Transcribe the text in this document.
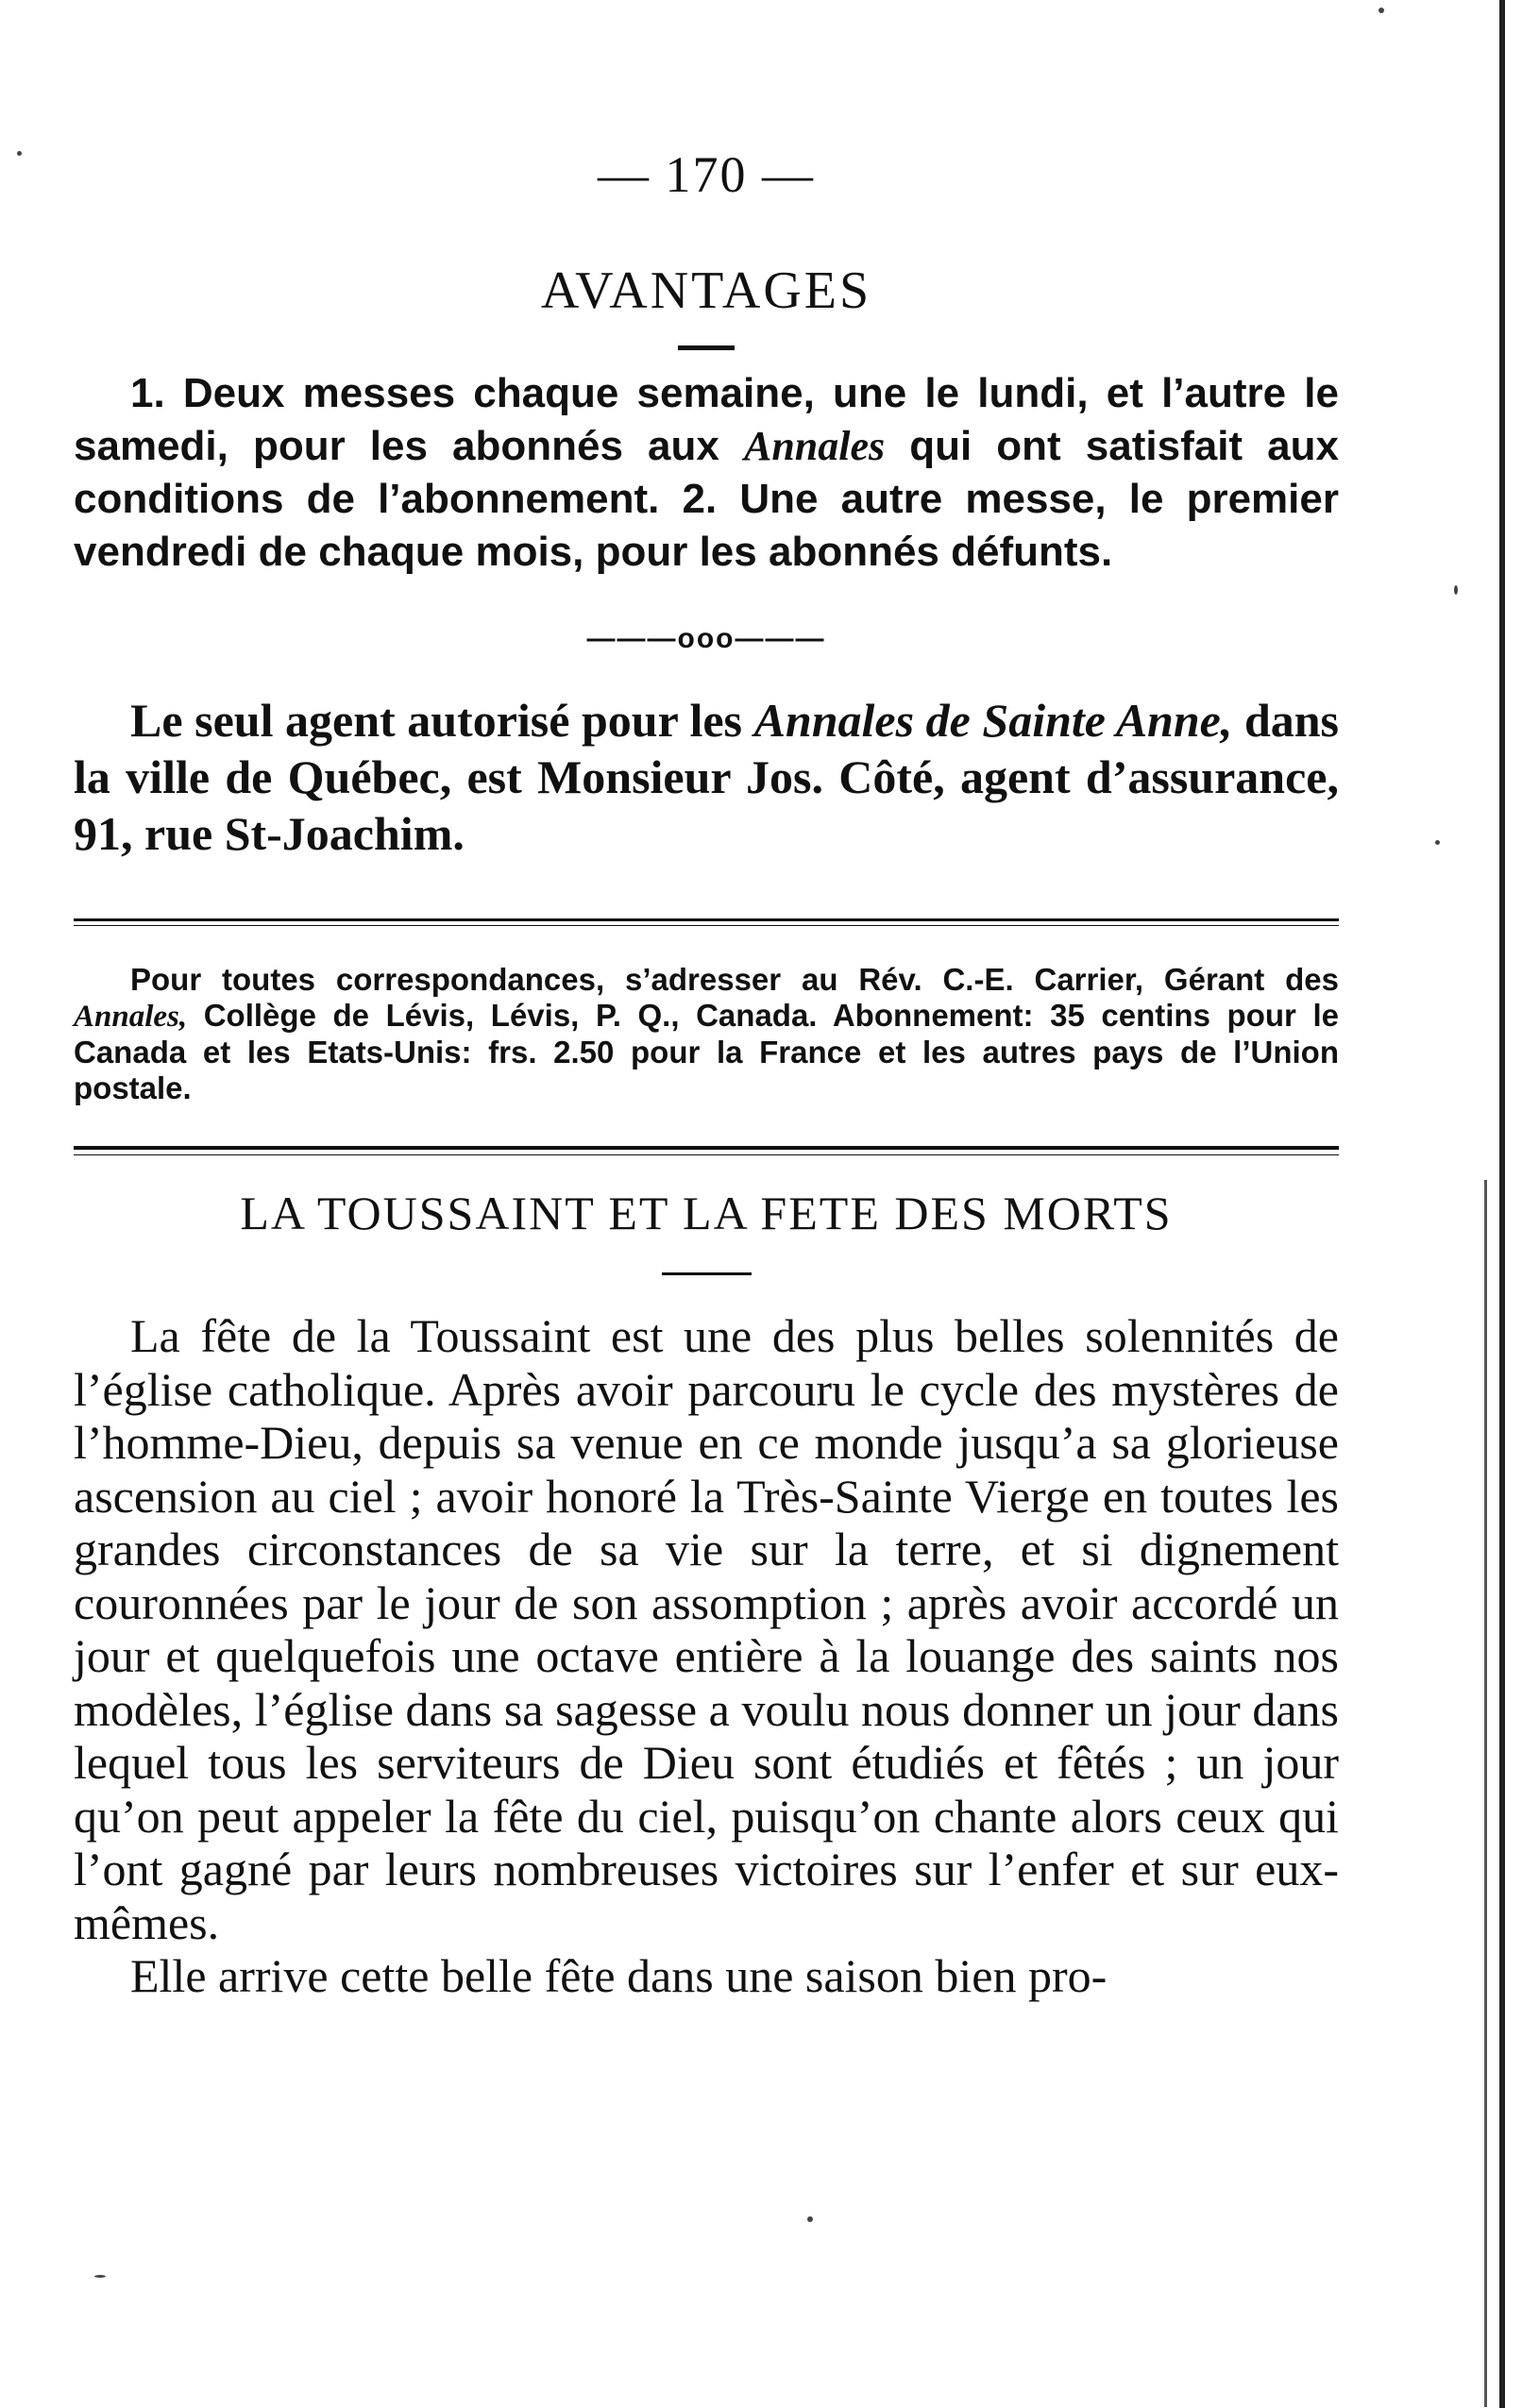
— 170 —
AVANTAGES

1. Deux messes chaque semaine, une le lundi, et l’autre le samedi, pour les abonnés aux Annales qui ont satisfait aux conditions de l’abonnement. 2. Une autre messe, le premier vendredi de chaque mois, pour les abonnés défunts.

———ooo———

Le seul agent autorisé pour les Annales de Sainte Anne, dans la ville de Québec, est Monsieur Jos. Côté, agent d’assurance, 91, rue St-Joachim.

Pour toutes correspondances, s’adresser au Rév. C.-E. Carrier, Gérant des Annales, Collège de Lévis, Lévis, P. Q., Canada. Abonnement: 35 centins pour le Canada et les Etats-Unis: frs. 2.50 pour la France et les autres pays de l’Union postale.

LA TOUSSAINT ET LA FETE DES MORTS

La fête de la Toussaint est une des plus belles solennités de l’église catholique. Après avoir parcouru le cycle des mystères de l’homme-Dieu, depuis sa venue en ce monde jusqu’a sa glorieuse ascension au ciel ; avoir honoré la Très-Sainte Vierge en toutes les grandes circonstances de sa vie sur la terre, et si dignement couronnées par le jour de son assomption ; après avoir accordé un jour et quelquefois une octave entière à la louange des saints nos modèles, l’église dans sa sagesse a voulu nous donner un jour dans lequel tous les serviteurs de Dieu sont étudiés et fêtés ; un jour qu’on peut appeler la fête du ciel, puisqu’on chante alors ceux qui l’ont gagné par leurs nombreuses victoires sur l’enfer et sur eux-mêmes.

Elle arrive cette belle fête dans une saison bien pro-
